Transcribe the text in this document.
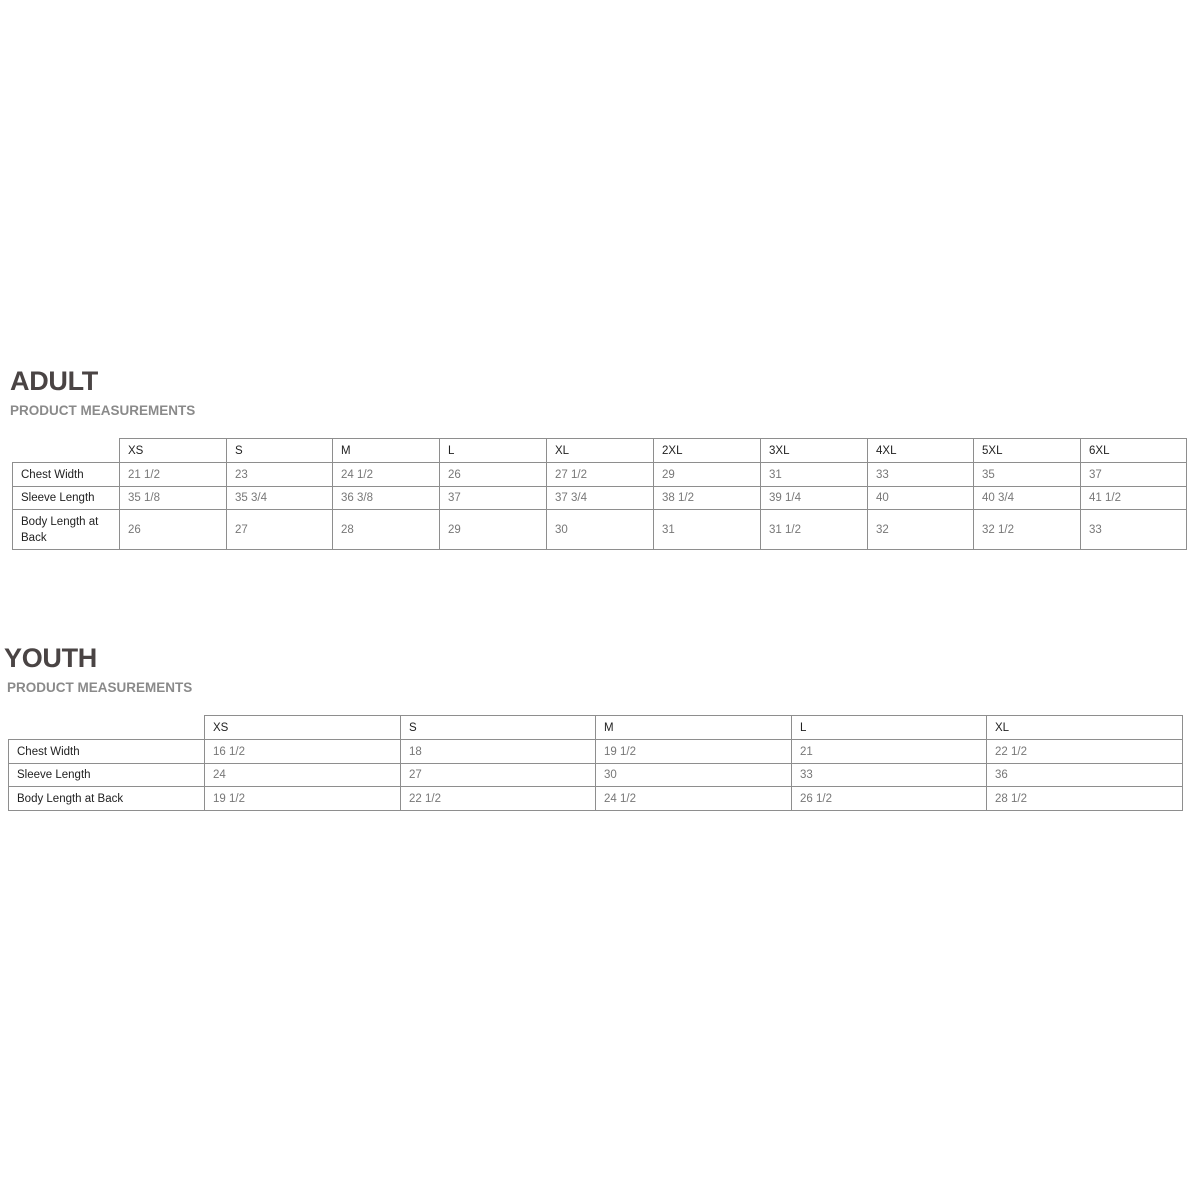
ADULT
PRODUCT MEASUREMENTS
	XS	S	M	L	XL	2XL	3XL	4XL	5XL	6XL
Chest Width	21 1/2	23	24 1/2	26	27 1/2	29	31	33	35	37
Sleeve Length	35 1/8	35 3/4	36 3/8	37	37 3/4	38 1/2	39 1/4	40	40 3/4	41 1/2
Body Length at Back	26	27	28	29	30	31	31 1/2	32	32 1/2	33
YOUTH
PRODUCT MEASUREMENTS
	XS	S	M	L	XL
Chest Width	16 1/2	18	19 1/2	21	22 1/2
Sleeve Length	24	27	30	33	36
Body Length at Back	19 1/2	22 1/2	24 1/2	26 1/2	28 1/2
